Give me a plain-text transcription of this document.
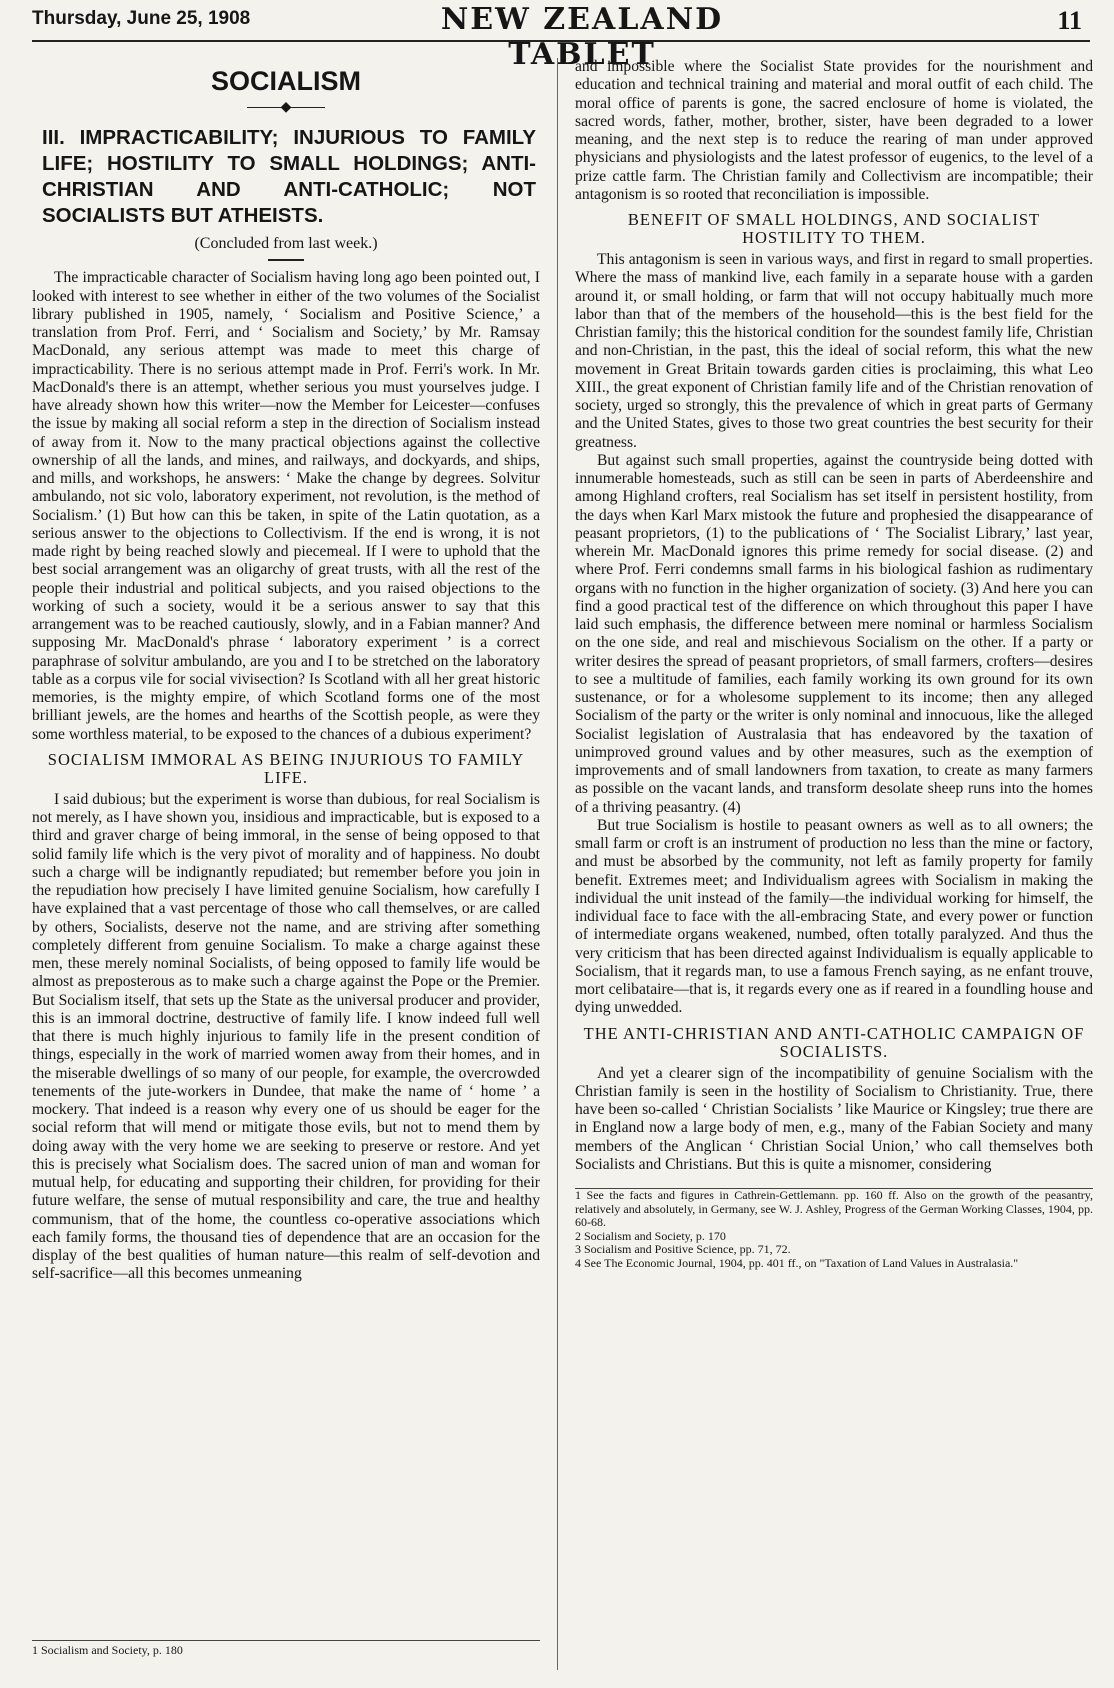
Thursday, June 25, 1908	NEW ZEALAND TABLET
11
SOCIALISM
◆
III. IMPRACTICABILITY; INJURIOUS TO FAMILY LIFE; HOSTILITY TO SMALL HOLDINGS; ANTI-CHRISTIAN AND ANTI-CATHOLIC; NOT SOCIALISTS BUT ATHEISTS.
(Concluded from last week.)

The impracticable character of Socialism having long ago been pointed out, I looked with interest to see whether in either of the two volumes of the Socialist library published in 1905, namely, ‘ Socialism and Positive Science,’ a translation from Prof. Ferri, and ‘ Socialism and Society,’ by Mr. Ramsay MacDonald, any serious attempt was made to meet this charge of impracticability. There is no serious attempt made in Prof. Ferri's work. In Mr. MacDonald's there is an attempt, whether serious you must yourselves judge. I have already shown how this writer—now the Member for Leicester—confuses the issue by making all social reform a step in the direction of Socialism instead of away from it. Now to the many practical objections against the collective ownership of all the lands, and mines, and railways, and dockyards, and ships, and mills, and workshops, he answers: ‘ Make the change by degrees. Solvitur ambulando, not sic volo, laboratory experiment, not revolution, is the method of Socialism.’ (1) But how can this be taken, in spite of the Latin quotation, as a serious answer to the objections to Collectivism. If the end is wrong, it is not made right by being reached slowly and piecemeal. If I were to uphold that the best social arrangement was an oligarchy of great trusts, with all the rest of the people their industrial and political subjects, and you raised objections to the working of such a society, would it be a serious answer to say that this arrangement was to be reached cautiously, slowly, and in a Fabian manner? And supposing Mr. MacDonald's phrase ‘ laboratory experiment ’ is a correct paraphrase of solvitur ambulando, are you and I to be stretched on the laboratory table as a corpus vile for social vivisection? Is Scotland with all her great historic memories, is the mighty empire, of which Scotland forms one of the most brilliant jewels, are the homes and hearths of the Scottish people, as were they some worthless material, to be exposed to the chances of a dubious experiment?

SOCIALISM IMMORAL AS BEING INJURIOUS TO FAMILY LIFE.

I said dubious; but the experiment is worse than dubious, for real Socialism is not merely, as I have shown you, insidious and impracticable, but is exposed to a third and graver charge of being immoral, in the sense of being opposed to that solid family life which is the very pivot of morality and of happiness. No doubt such a charge will be indignantly repudiated; but remember before you join in the repudiation how precisely I have limited genuine Socialism, how carefully I have explained that a vast percentage of those who call themselves, or are called by others, Socialists, deserve not the name, and are striving after something completely different from genuine Socialism. To make a charge against these men, these merely nominal Socialists, of being opposed to family life would be almost as preposterous as to make such a charge against the Pope or the Premier. But Socialism itself, that sets up the State as the universal producer and provider, this is an immoral doctrine, destructive of family life. I know indeed full well that there is much highly injurious to family life in the present condition of things, especially in the work of married women away from their homes, and in the miserable dwellings of so many of our people, for example, the overcrowded tenements of the jute-workers in Dundee, that make the name of ‘ home ’ a mockery. That indeed is a reason why every one of us should be eager for the social reform that will mend or mitigate those evils, but not to mend them by doing away with the very home we are seeking to preserve or restore. And yet this is precisely what Socialism does. The sacred union of man and woman for mutual help, for educating and supporting their children, for providing for their future welfare, the sense of mutual responsibility and care, the true and healthy communism, that of the home, the countless co-operative associations which each family forms, the thousand ties of dependence that are an occasion for the display of the best qualities of human nature—this realm of self-devotion and self-sacrifice—all this becomes unmeaning

1 Socialism and Society, p. 180

and impossible where the Socialist State provides for the nourishment and education and technical training and material and moral outfit of each child. The moral office of parents is gone, the sacred enclosure of home is violated, the sacred words, father, mother, brother, sister, have been degraded to a lower meaning, and the next step is to reduce the rearing of man under approved physicians and physiologists and the latest professor of eugenics, to the level of a prize cattle farm. The Christian family and Collectivism are incompatible; their antagonism is so rooted that reconciliation is impossible.

BENEFIT OF SMALL HOLDINGS, AND SOCIALIST HOSTILITY TO THEM.

This antagonism is seen in various ways, and first in regard to small properties. Where the mass of mankind live, each family in a separate house with a garden around it, or small holding, or farm that will not occupy habitually much more labor than that of the members of the household—this is the best field for the Christian family; this the historical condition for the soundest family life, Christian and non-Christian, in the past, this the ideal of social reform, this what the new movement in Great Britain towards garden cities is proclaiming, this what Leo XIII., the great exponent of Christian family life and of the Christian renovation of society, urged so strongly, this the prevalence of which in great parts of Germany and the United States, gives to those two great countries the best security for their greatness.

But against such small properties, against the countryside being dotted with innumerable homesteads, such as still can be seen in parts of Aberdeenshire and among Highland crofters, real Socialism has set itself in persistent hostility, from the days when Karl Marx mistook the future and prophesied the disappearance of peasant proprietors, (1) to the publications of ‘ The Socialist Library,’ last year, wherein Mr. MacDonald ignores this prime remedy for social disease. (2) and where Prof. Ferri condemns small farms in his biological fashion as rudimentary organs with no function in the higher organization of society. (3) And here you can find a good practical test of the difference on which throughout this paper I have laid such emphasis, the difference between mere nominal or harmless Socialism on the one side, and real and mischievous Socialism on the other. If a party or writer desires the spread of peasant proprietors, of small farmers, crofters—desires to see a multitude of families, each family working its own ground for its own sustenance, or for a wholesome supplement to its income; then any alleged Socialism of the party or the writer is only nominal and innocuous, like the alleged Socialist legislation of Australasia that has endeavored by the taxation of unimproved ground values and by other measures, such as the exemption of improvements and of small landowners from taxation, to create as many farmers as possible on the vacant lands, and transform desolate sheep runs into the homes of a thriving peasantry. (4)

But true Socialism is hostile to peasant owners as well as to all owners; the small farm or croft is an instrument of production no less than the mine or factory, and must be absorbed by the community, not left as family property for family benefit. Extremes meet; and Individualism agrees with Socialism in making the individual the unit instead of the family—the individual working for himself, the individual face to face with the all-embracing State, and every power or function of intermediate organs weakened, numbed, often totally paralyzed. And thus the very criticism that has been directed against Individualism is equally applicable to Socialism, that it regards man, to use a famous French saying, as ne enfant trouve, mort celibataire—that is, it regards every one as if reared in a foundling house and dying unwedded.

THE ANTI-CHRISTIAN AND ANTI-CATHOLIC CAMPAIGN OF SOCIALISTS.

And yet a clearer sign of the incompatibility of genuine Socialism with the Christian family is seen in the hostility of Socialism to Christianity. True, there have been so-called ‘ Christian Socialists ’ like Maurice or Kingsley; true there are in England now a large body of men, e.g., many of the Fabian Society and many members of the Anglican ‘ Christian Social Union,’ who call themselves both Socialists and Christians. But this is quite a misnomer, considering

1 See the facts and figures in Cathrein-Gettlemann. pp. 160 ff. Also on the growth of the peasantry, relatively and absolutely, in Germany, see W. J. Ashley, Progress of the German Working Classes, 1904, pp. 60-68.

2 Socialism and Society, p. 170

3 Socialism and Positive Science, pp. 71, 72.

4 See The Economic Journal, 1904, pp. 401 ff., on "Taxation of Land Values in Australasia."
